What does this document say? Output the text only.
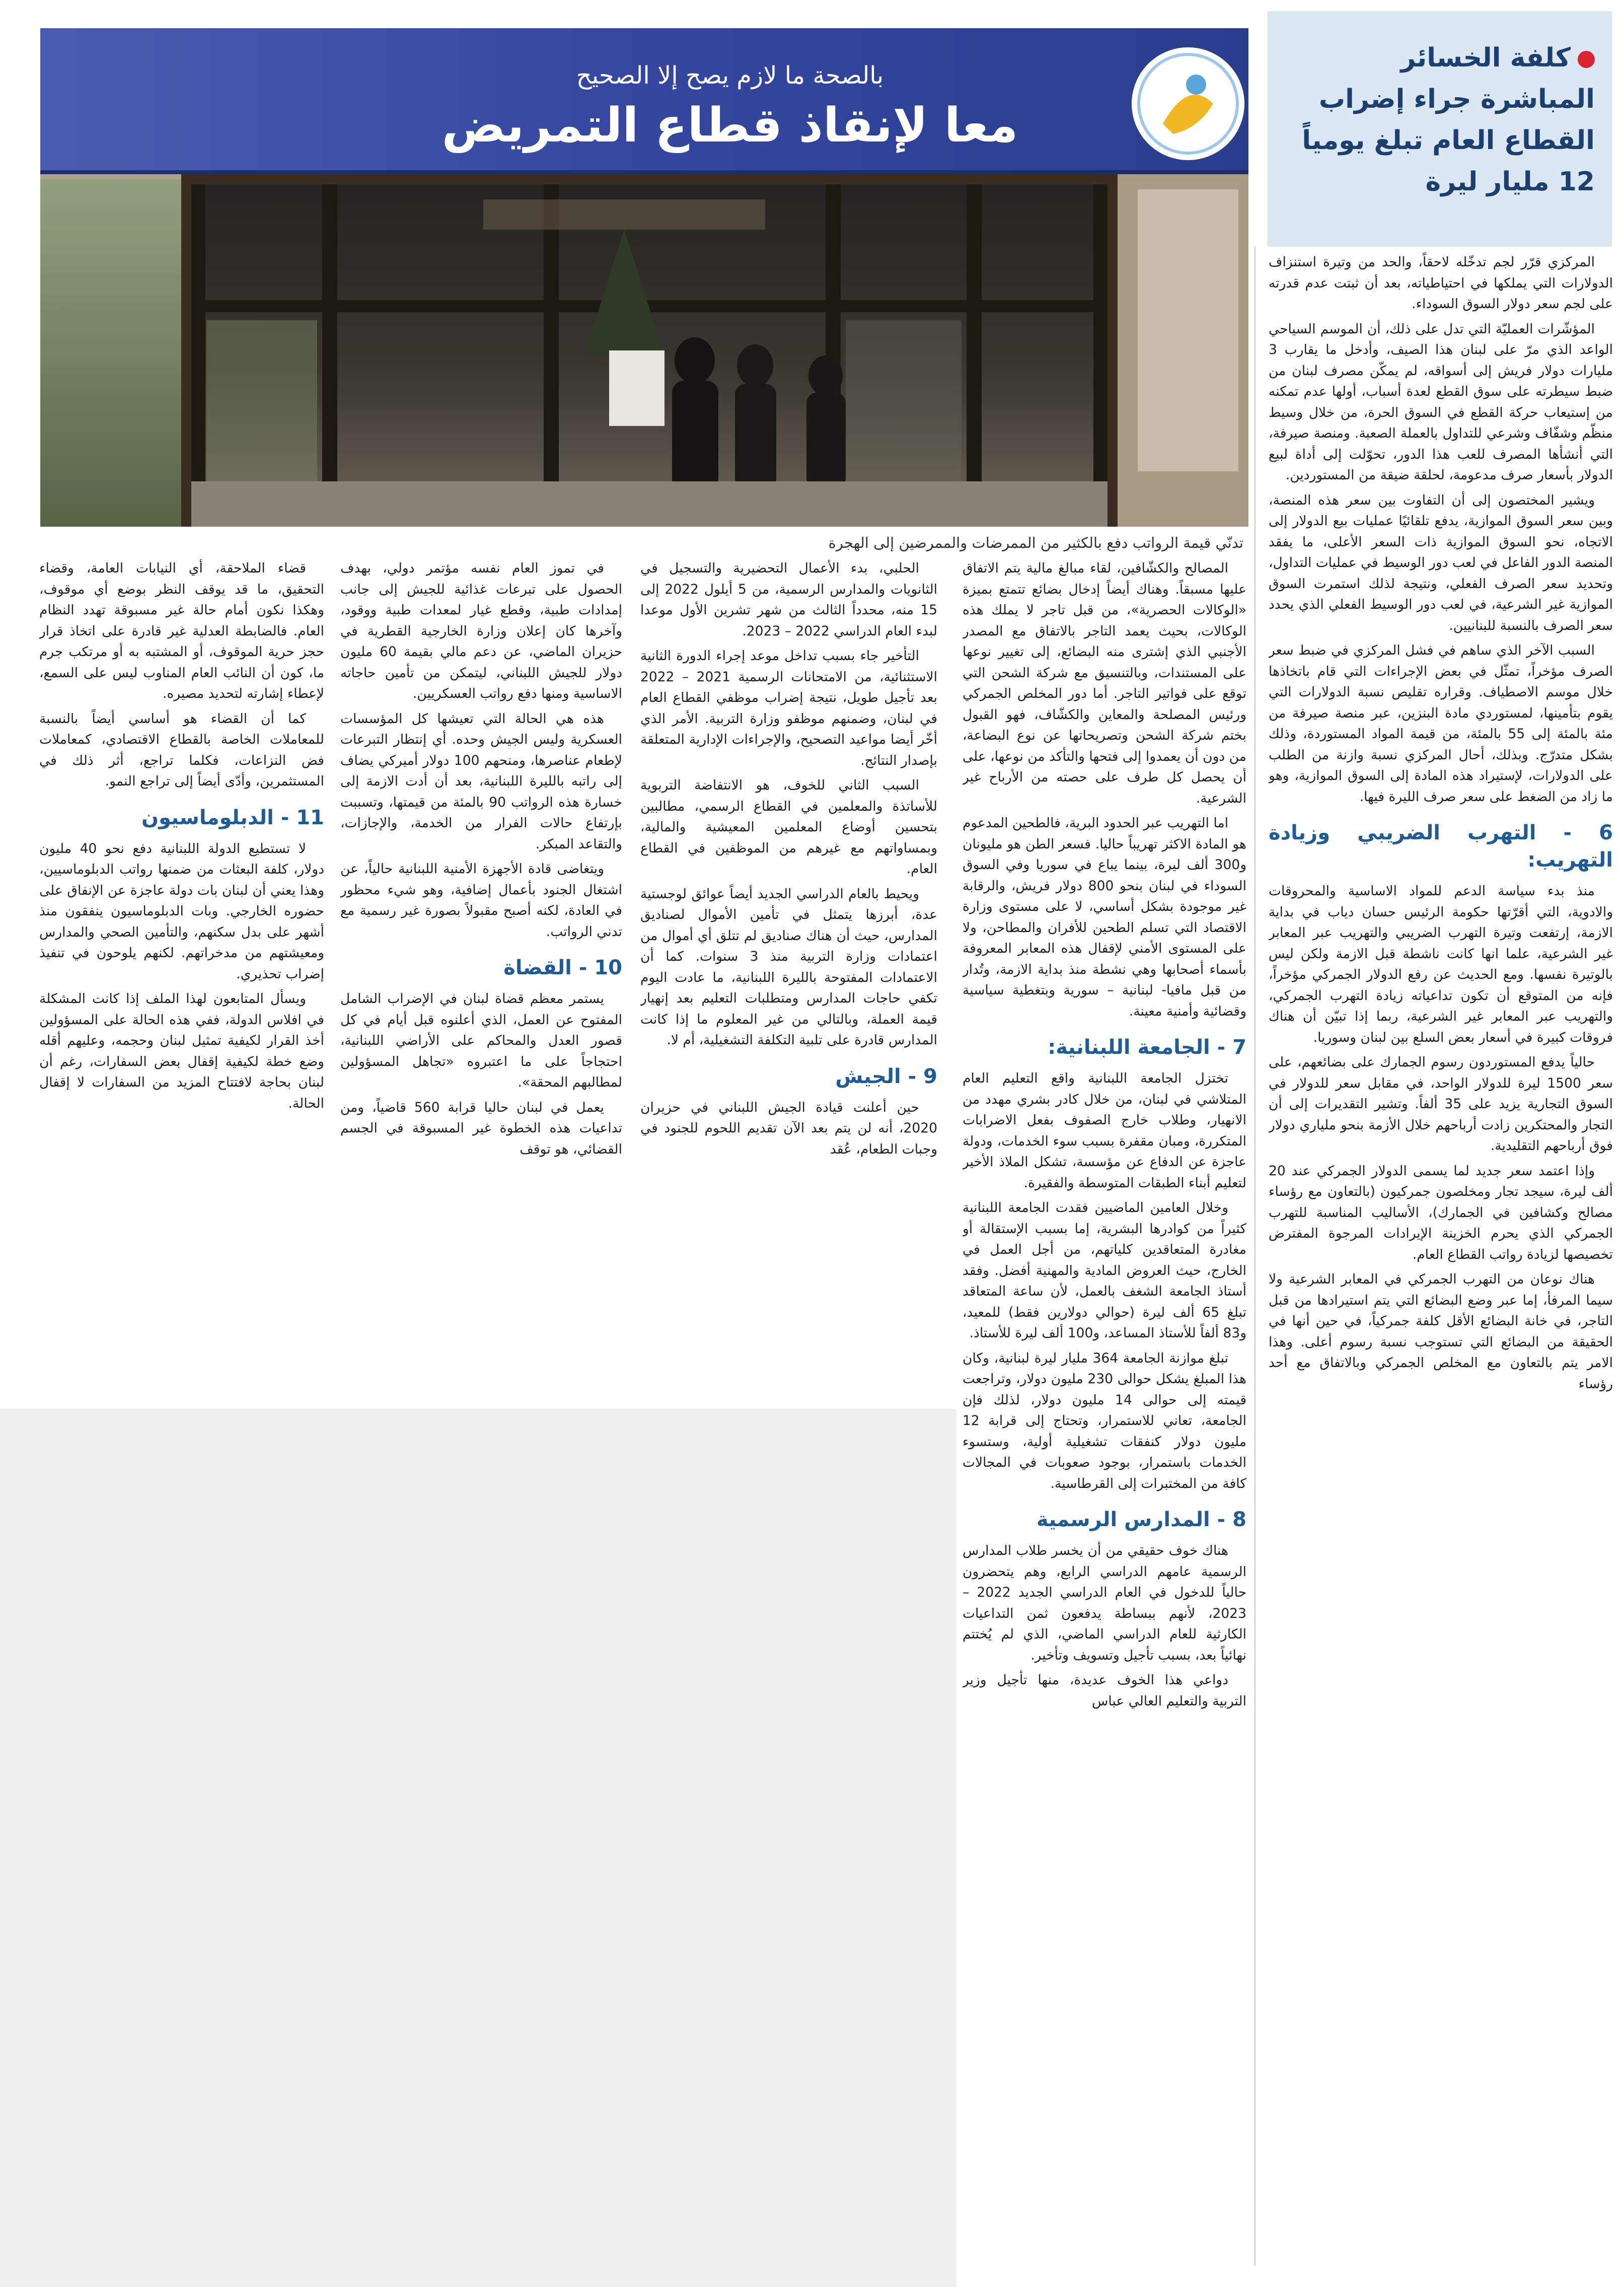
كلفة الخسائر المباشرة جراء إضراب القطاع العام تبلغ يومياً 12 مليار ليرة
بالصحة ما لازم يصح إلا الصحيح
معا لإنقاذ قطاع التمريض
تدنّي قيمة الرواتب دفع بالكثير من الممرضات والممرضين إلى الهجرة

المركزي قرّر لجم تدخّله لاحقاً، والحد من وتيرة استنزاف الدولارات التي يملكها في احتياطياته، بعد أن ثبتت عدم قدرته على لجم سعر دولار السوق السوداء.

المؤشّرات العمليّة التي تدل على ذلك، أن الموسم السياحي الواعد الذي مرّ على لبنان هذا الصيف، وأدخل ما يقارب 3 مليارات دولار فريش إلى أسواقه، لم يمكّن مصرف لبنان من ضبط سيطرته على سوق القطع لعدة أسباب، أولها عدم تمكنه من إستيعاب حركة القطع في السوق الحرة، من خلال وسيط منظّم وشفّاف وشرعي للتداول بالعملة الصعبة. ومنصة صيرفة، التي أنشأها المصرف للعب هذا الدور، تحوّلت إلى أداة لبيع الدولار بأسعار صرف مدعومة، لحلقة ضيقة من المستوردين.

ويشير المختصون إلى أن التفاوت بين سعر هذه المنصة، وبين سعر السوق الموازية، يدفع تلقائيًا عمليات بيع الدولار إلى الاتجاه، نحو السوق الموازية ذات السعر الأعلى، ما يفقد المنصة الدور الفاعل في لعب دور الوسيط في عمليات التداول، وتحديد سعر الصرف الفعلي، ونتيجة لذلك استمرت السوق الموازية غير الشرعية، في لعب دور الوسيط الفعلي الذي يحدد سعر الصرف بالنسبة للبنانيين.

السبب الآخر الذي ساهم في فشل المركزي في ضبط سعر الصرف مؤخراً، تمثّل في بعض الإجراءات التي قام باتخاذها خلال موسم الاصطياف. وقراره تقليص نسبة الدولارات التي يقوم بتأمينها، لمستوردي مادة البنزين، عبر منصة صيرفة من مئة بالمئة إلى 55 بالمئة، من قيمة المواد المستوردة، وذلك بشكل متدرّج. وبذلك، أحال المركزي نسبة وازنة من الطلب على الدولارات، لإستيراد هذه المادة إلى السوق الموازية، وهو ما زاد من الضغط على سعر صرف الليرة فيها.

6 - التهرب الضريبي وزيادة التهريب:

منذ بدء سياسة الدعم للمواد الاساسية والمحروقات والادوية، التي أقرّتها حكومة الرئيس حسان دياب في بداية الازمة، إرتفعت وتيرة التهرب الضريبي والتهريب عبر المعابر غير الشرعية، علما انها كانت ناشطة قبل الازمة ولكن ليس بالوتيرة نفسها. ومع الحديث عن رفع الدولار الجمركي مؤخراً، فإنه من المتوقع أن تكون تداعياته زيادة التهرب الجمركي، والتهريب عبر المعابر غير الشرعية، ربما إذا تبيّن أن هناك فروقات كبيرة في أسعار بعض السلع بين لبنان وسوريا.

حالياً يدفع المستوردون رسوم الجمارك على بضائعهم، على سعر 1500 ليرة للدولار الواحد، في مقابل سعر للدولار في السوق التجارية يزيد على 35 ألفاً. وتشير التقديرات إلى أن التجار والمحتكرين زادت أرباحهم خلال الأزمة بنحو ملياري دولار فوق أرباحهم التقليدية.

وإذا اعتمد سعر جديد لما يسمى الدولار الجمركي عند 20 ألف ليرة، سيجد تجار ومخلصون جمركيون (بالتعاون مع رؤساء مصالح وكشافين في الجمارك)، الأساليب المناسبة للتهرب الجمركي الذي يحرم الخزينة الإيرادات المرجوة المفترض تخصيصها لزيادة رواتب القطاع العام.

هناك نوعان من التهرب الجمركي في المعابر الشرعية ولا سيما المرفأ، إما عبر وضع البضائع التي يتم استيرادها من قبل التاجر، في خانة البضائع الأقل كلفة جمركياً، في حين أنها في الحقيقة من البضائع التي تستوجب نسبة رسوم أعلى. وهذا الامر يتم بالتعاون مع المخلص الجمركي وبالاتفاق مع أحد رؤساء

المصالح والكشّافين، لقاء مبالغ مالية يتم الاتفاق عليها مسبقاً. وهناك أيضاً إدخال بضائع تتمتع بميزة «الوكالات الحصرية»، من قبل تاجر لا يملك هذه الوكالات، بحيث يعمد التاجر بالاتفاق مع المصدر الأجنبي الذي إشترى منه البضائع، إلى تغيير نوعها على المستندات، وبالتنسيق مع شركة الشحن التي توقع على فواتير التاجر. أما دور المخلص الجمركي ورئيس المصلحة والمعاين والكشّاف، فهو القبول بختم شركة الشحن وتصريحاتها عن نوع البضاعة، من دون أن يعمدوا إلى فتحها والتأكد من نوعها، على أن يحصل كل طرف على حصته من الأرباح غير الشرعية.

اما التهريب عبر الحدود البرية، فالطحين المدعوم هو المادة الاكثر تهريباً حاليا. فسعر الطن هو مليونان و300 ألف ليرة، بينما يباع في سوريا وفي السوق السوداء في لبنان بنحو 800 دولار فريش، والرقابة غير موجودة بشكل أساسي، لا على مستوى وزارة الاقتصاد التي تسلم الطحين للأفران والمطاحن، ولا على المستوى الأمني لإقفال هذه المعابر المعروفة بأسماء أصحابها وهي نشطة منذ بداية الازمة، وتُدار من قبل مافيا- لبنانية – سورية وبتغطية سياسية وقضائية وأمنية معينة.

7 - الجامعة اللبنانية:

تختزل الجامعة اللبنانية واقع التعليم العام المتلاشي في لبنان، من خلال كادر بشري مهدد من الانهيار، وطلاب خارج الصفوف بفعل الاضرابات المتكررة، ومبان مقفرة بسبب سوء الخدمات، ودولة عاجزة عن الدفاع عن مؤسسة، تشكل الملاذ الأخير لتعليم أبناء الطبقات المتوسطة والفقيرة.

وخلال العامين الماضيين فقدت الجامعة اللبنانية كثيراً من كوادرها البشرية، إما بسبب الإستقالة أو مغادرة المتعاقدين كلياتهم، من أجل العمل في الخارج، حيث العروض المادية والمهنية أفضل. وفقد أستاذ الجامعة الشغف بالعمل، لأن ساعة المتعاقد تبلغ 65 ألف ليرة (حوالي دولارين فقط) للمعيد، و83 ألفاً للأستاذ المساعد، و100 ألف ليرة للأستاذ.

تبلغ موازنة الجامعة 364 مليار ليرة لبنانية، وكان هذا المبلغ يشكل حوالى 230 مليون دولار، وتراجعت قيمته إلى حوالى 14 مليون دولار، لذلك فإن الجامعة، تعاني للاستمرار، وتحتاج إلى قرابة 12 مليون دولار كنفقات تشغيلية أولية، وستسوء الخدمات باستمرار، بوجود صعوبات في المجالات كافة من المختبرات إلى القرطاسية.

8 - المدارس الرسمية

هناك خوف حقيقي من أن يخسر طلاب المدارس الرسمية عامهم الدراسي الرابع، وهم يتحضرون حالياً للدخول في العام الدراسي الجديد 2022 – 2023، لأنهم ببساطة يدفعون ثمن التداعيات الكارثية للعام الدراسي الماضي، الذي لم يُختتم نهائياً بعد، بسبب تأجيل وتسويف وتأخير.

دواعي هذا الخوف عديدة، منها تأجيل وزير التربية والتعليم العالي عباس

الحلبي، بدء الأعمال التحضيرية والتسجيل في الثانويات والمدارس الرسمية، من 5 أيلول 2022 إلى 15 منه، محدداً الثالث من شهر تشرين الأول موعدا لبدء العام الدراسي 2022 – 2023.

التأخير جاء بسبب تداخل موعد إجراء الدورة الثانية الاستثنائية، من الامتحانات الرسمية 2021 – 2022 بعد تأجيل طويل، نتيجة إضراب موظفي القطاع العام في لبنان، وضمنهم موظفو وزارة التربية. الأمر الذي أخّر أيضا مواعيد التصحيح، والإجراءات الإدارية المتعلقة بإصدار النتائج.

السبب الثاني للخوف، هو الانتفاضة التربوية للأساتذة والمعلمين في القطاع الرسمي، مطالبين بتحسين أوضاع المعلمين المعيشية والمالية، وبمساواتهم مع غيرهم من الموظفين في القطاع العام.

ويحيط بالعام الدراسي الجديد أيضاً عوائق لوجستية عدة، أبرزها يتمثل في تأمين الأموال لصناديق المدارس، حيث أن هناك صناديق لم تتلق أي أموال من اعتمادات وزارة التربية منذ 3 سنوات. كما أن الاعتمادات المفتوحة بالليرة اللبنانية، ما عادت اليوم تكفي حاجات المدارس ومتطلبات التعليم بعد إنهيار قيمة العملة، وبالتالي من غير المعلوم ما إذا كانت المدارس قادرة على تلبية التكلفة التشغيلية، أم لا.

9 - الجيش

حين أعلنت قيادة الجيش اللبناني في حزيران 2020، أنه لن يتم بعد الآن تقديم اللحوم للجنود في وجبات الطعام، عُقد

في تموز العام نفسه مؤتمر دولي، بهدف الحصول على تبرعات غذائية للجيش إلى جانب إمدادات طبية، وقطع غيار لمعدات طبية ووقود، وآخرها كان إعلان وزارة الخارجية القطرية في حزيران الماضي، عن دعم مالي بقيمة 60 مليون دولار للجيش اللبناني، ليتمكن من تأمين حاجاته الاساسية ومنها دفع رواتب العسكريين.

هذه هي الحالة التي تعيشها كل المؤسسات العسكرية وليس الجيش وحده. أي إنتظار التبرعات لإطعام عناصرها، ومنحهم 100 دولار أميركي يضاف إلى راتبه بالليرة اللبنانية، بعد أن أدت الازمة إلى خسارة هذه الرواتب 90 بالمئة من قيمتها، وتسببت بإرتفاع حالات الفرار من الخدمة، والإجازات، والتقاعد المبكر.

ويتغاضى قادة الأجهزة الأمنية اللبنانية حالياً، عن اشتغال الجنود بأعمال إضافية، وهو شيء محظور في العادة، لكنه أصبح مقبولاً بصورة غير رسمية مع تدني الرواتب.

10 - القضاة

يستمر معظم قضاة لبنان في الإضراب الشامل المفتوح عن العمل، الذي أعلنوه قبل أيام في كل قصور العدل والمحاكم على الأراضي اللبنانية، احتجاجاً على ما اعتبروه «تجاهل المسؤولين لمطالبهم المحقة».

يعمل في لبنان حاليا قرابة 560 قاضياً، ومن تداعيات هذه الخطوة غير المسبوقة في الجسم القضائي، هو توقف

قضاء الملاحقة، أي النيابات العامة، وقضاء التحقيق، ما قد يوقف النظر بوضع أي موقوف، وهكذا نكون أمام حالة غير مسبوقة تهدد النظام العام. فالضابطة العدلية غير قادرة على اتخاذ قرار حجز حرية الموقوف، أو المشتبه به أو مرتكب جرم ما، كون أن النائب العام المناوب ليس على السمع، لإعطاء إشارته لتحديد مصيره.

كما أن القضاء هو أساسي أيضاً بالنسبة للمعاملات الخاصة بالقطاع الاقتصادي، كمعاملات فض النزاعات، فكلما تراجع، أثر ذلك في المستثمرين، وأدّى أيضاً إلى تراجع النمو.

11 - الدبلوماسيون

لا تستطيع الدولة اللبنانية دفع نحو 40 مليون دولار، كلفة البعثات من ضمنها رواتب الدبلوماسيين، وهذا يعني أن لبنان بات دولة عاجزة عن الإنفاق على حضوره الخارجي. وبات الدبلوماسيون ينفقون منذ أشهر على بدل سكنهم، والتأمين الصحي والمدارس ومعيشتهم من مدخراتهم. لكنهم يلوحون في تنفيذ إضراب تحذيري.

ويسأل المتابعون لهذا الملف إذا كانت المشكلة في افلاس الدولة، ففي هذه الحالة على المسؤولين أخذ القرار لكيفية تمثيل لبنان وحجمه، وعليهم أقله وضع خطة لكيفية إقفال بعض السفارات، رغم أن لبنان بحاجة لافتتاح المزيد من السفارات لا إقفال الحالة.
